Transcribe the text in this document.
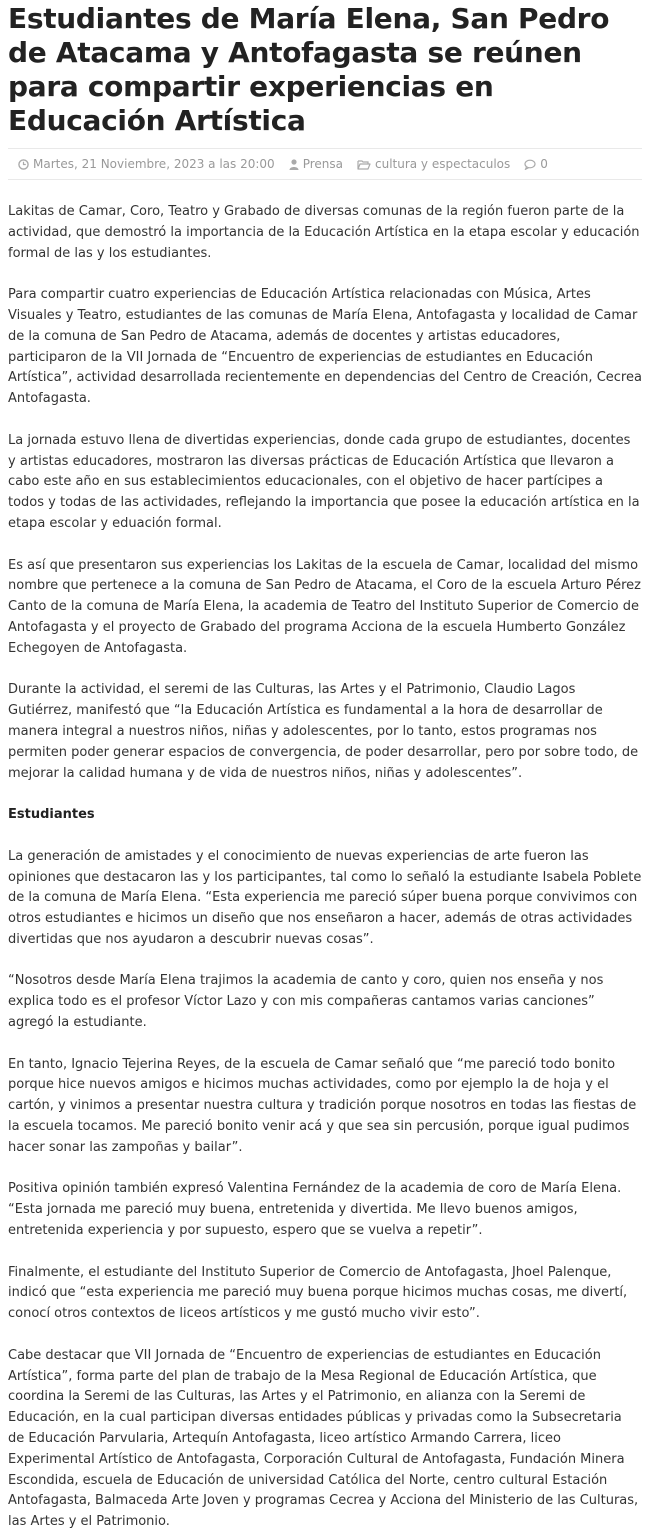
Estudiantes de María Elena, San Pedro de Atacama y Antofagasta se reúnen para compartir experiencias en Educación Artística
Martes, 21 Noviembre, 2023 a las 20:00 Prensa	cultura y espectaculos	0

Lakitas de Camar, Coro, Teatro y Grabado de diversas comunas de la región fueron parte de la actividad, que demostró la importancia de la Educación Artística en la etapa escolar y educación formal de las y los estudiantes.

Para compartir cuatro experiencias de Educación Artística relacionadas con Música, Artes Visuales y Teatro, estudiantes de las comunas de María Elena, Antofagasta y localidad de Camar de la comuna de San Pedro de Atacama, además de docentes y artistas educadores, participaron de la VII Jornada de “Encuentro de experiencias de estudiantes en Educación Artística”, actividad desarrollada recientemente en dependencias del Centro de Creación, Cecrea Antofagasta.

La jornada estuvo llena de divertidas experiencias, donde cada grupo de estudiantes, docentes y artistas educadores, mostraron las diversas prácticas de Educación Artística que llevaron a cabo este año en sus establecimientos educacionales, con el objetivo de hacer partícipes a todos y todas de las actividades, reflejando la importancia que posee la educación artística en la etapa escolar y eduación formal.

Es así que presentaron sus experiencias los Lakitas de la escuela de Camar, localidad del mismo nombre que pertenece a la comuna de San Pedro de Atacama, el Coro de la escuela Arturo Pérez Canto de la comuna de María Elena, la academia de Teatro del Instituto Superior de Comercio de Antofagasta y el proyecto de Grabado del programa Acciona de la escuela Humberto González Echegoyen de Antofagasta.

Durante la actividad, el seremi de las Culturas, las Artes y el Patrimonio, Claudio Lagos Gutiérrez, manifestó que “la Educación Artística es fundamental a la hora de desarrollar de manera integral a nuestros niños, niñas y adolescentes, por lo tanto, estos programas nos permiten poder generar espacios de convergencia, de poder desarrollar, pero por sobre todo, de mejorar la calidad humana y de vida de nuestros niños, niñas y adolescentes”.

Estudiantes

La generación de amistades y el conocimiento de nuevas experiencias de arte fueron las opiniones que destacaron las y los participantes, tal como lo señaló la estudiante Isabela Poblete de la comuna de María Elena. “Esta experiencia me pareció súper buena porque convivimos con otros estudiantes e hicimos un diseño que nos enseñaron a hacer, además de otras actividades divertidas que nos ayudaron a descubrir nuevas cosas”.

“Nosotros desde María Elena trajimos la academia de canto y coro, quien nos enseña y nos explica todo es el profesor Víctor Lazo y con mis compañeras cantamos varias canciones” agregó la estudiante.

En tanto, Ignacio Tejerina Reyes, de la escuela de Camar señaló que “me pareció todo bonito porque hice nuevos amigos e hicimos muchas actividades, como por ejemplo la de hoja y el cartón, y vinimos a presentar nuestra cultura y tradición porque nosotros en todas las fiestas de la escuela tocamos. Me pareció bonito venir acá y que sea sin percusión, porque igual pudimos hacer sonar las zampoñas y bailar”.

Positiva opinión también expresó Valentina Fernández de la academia de coro de María Elena. “Esta jornada me pareció muy buena, entretenida y divertida. Me llevo buenos amigos, entretenida experiencia y por supuesto, espero que se vuelva a repetir”.

Finalmente, el estudiante del Instituto Superior de Comercio de Antofagasta, Jhoel Palenque, indicó que “esta experiencia me pareció muy buena porque hicimos muchas cosas, me divertí, conocí otros contextos de liceos artísticos y me gustó mucho vivir esto”.

Cabe destacar que VII Jornada de “Encuentro de experiencias de estudiantes en Educación Artística”, forma parte del plan de trabajo de la Mesa Regional de Educación Artística, que coordina la Seremi de las Culturas, las Artes y el Patrimonio, en alianza con la Seremi de Educación, en la cual participan diversas entidades públicas y privadas como la Subsecretaria de Educación Parvularia, Artequín Antofagasta, liceo artístico Armando Carrera, liceo Experimental Artístico de Antofagasta, Corporación Cultural de Antofagasta, Fundación Minera Escondida, escuela de Educación de universidad Católica del Norte, centro cultural Estación Antofagasta, Balmaceda Arte Joven y programas Cecrea y Acciona del Ministerio de las Culturas, las Artes y el Patrimonio.
